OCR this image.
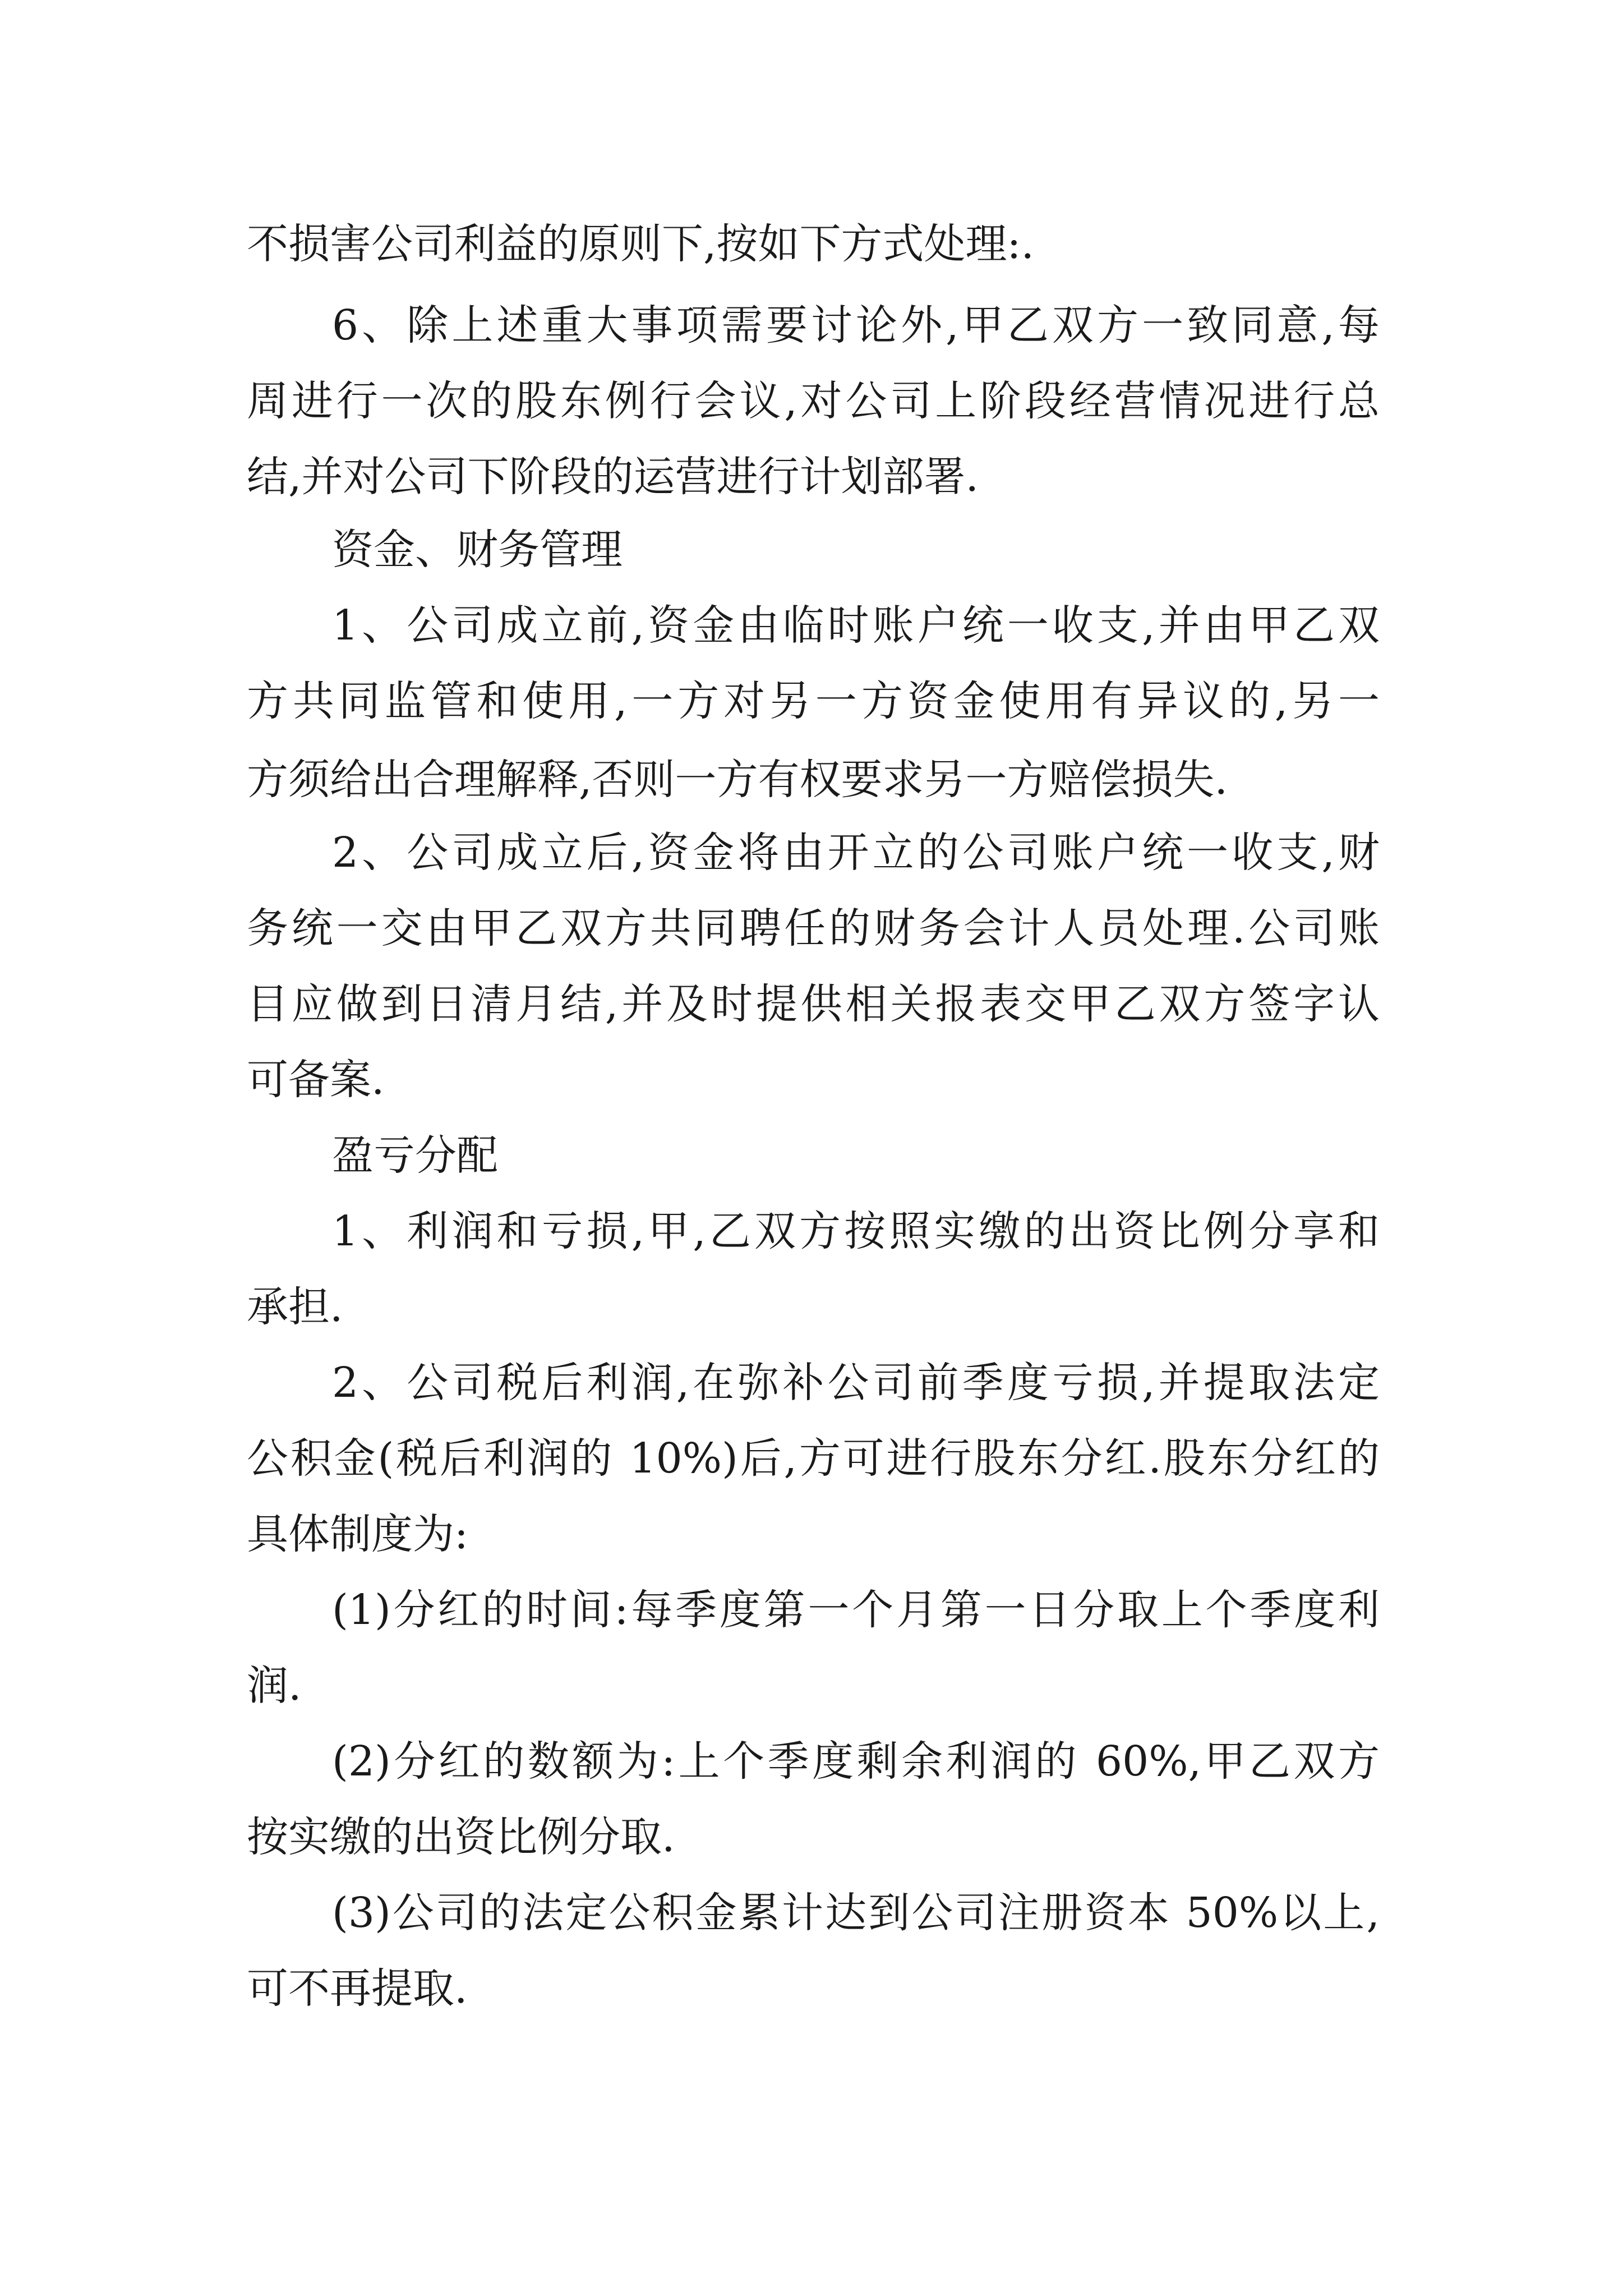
不损害公司利益的原则下,按如下方式处理:.

6、除上述重大事项需要讨论外,甲乙双方一致同意,每

周进行一次的股东例行会议,对公司上阶段经营情况进行总

结,并对公司下阶段的运营进行计划部署.

资金、财务管理

1、公司成立前,资金由临时账户统一收支,并由甲乙双

方共同监管和使用,一方对另一方资金使用有异议的,另一

方须给出合理解释,否则一方有权要求另一方赔偿损失.

2、公司成立后,资金将由开立的公司账户统一收支,财

务统一交由甲乙双方共同聘任的财务会计人员处理.公司账

目应做到日清月结,并及时提供相关报表交甲乙双方签字认

可备案.

盈亏分配

1、利润和亏损,甲,乙双方按照实缴的出资比例分享和

承担.

2、公司税后利润,在弥补公司前季度亏损,并提取法定

公积金(税后利润的 10%)后,方可进行股东分红.股东分红的

具体制度为:

(1)分红的时间:每季度第一个月第一日分取上个季度利

润.

(2)分红的数额为:上个季度剩余利润的 60%,甲乙双方

按实缴的出资比例分取.

(3)公司的法定公积金累计达到公司注册资本 50%以上,

可不再提取.
